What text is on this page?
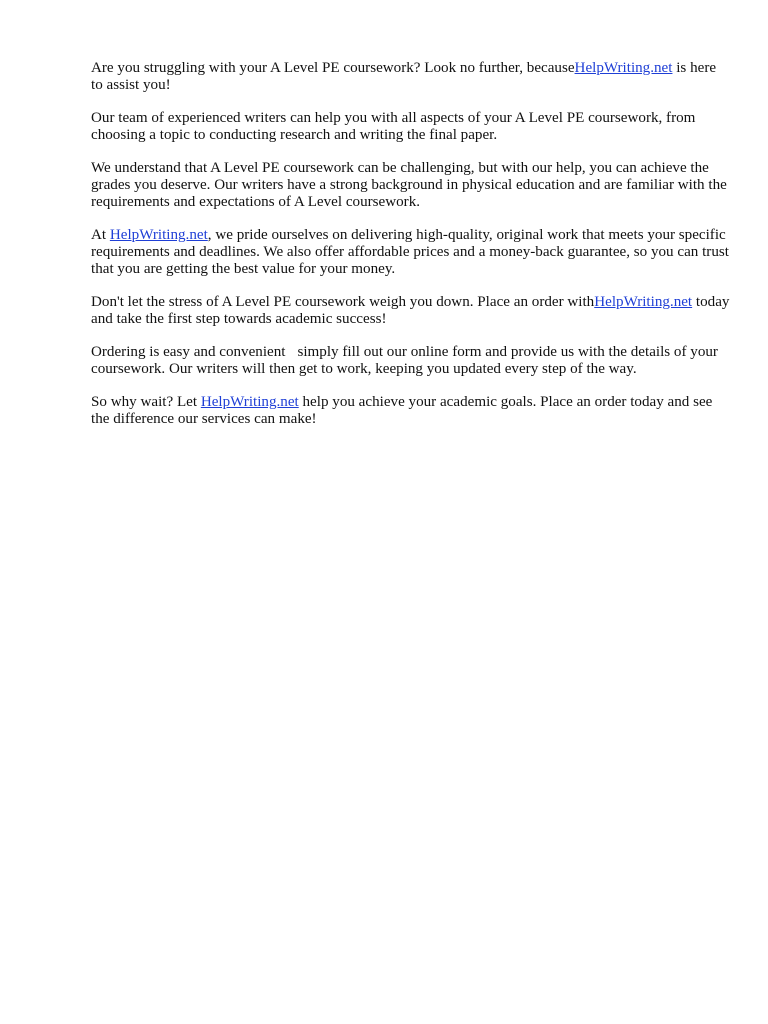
Are you struggling with your A Level PE coursework? Look no further, becauseHelpWriting.net is here to assist you!

Our team of experienced writers can help you with all aspects of your A Level PE coursework, from choosing a topic to conducting research and writing the final paper.

We understand that A Level PE coursework can be challenging, but with our help, you can achieve the grades you deserve. Our writers have a strong background in physical education and are familiar with the requirements and expectations of A Level coursework.

At HelpWriting.net, we pride ourselves on delivering high-quality, original work that meets your specific requirements and deadlines. We also offer affordable prices and a money-back guarantee, so you can trust that you are getting the best value for your money.

Don't let the stress of A Level PE coursework weigh you down. Place an order withHelpWriting.net today and take the first step towards academic success!

Ordering is easy and convenient simply fill out our online form and provide us with the details of your coursework. Our writers will then get to work, keeping you updated every step of the way.

So why wait? Let HelpWriting.net help you achieve your academic goals. Place an order today and see the difference our services can make!
